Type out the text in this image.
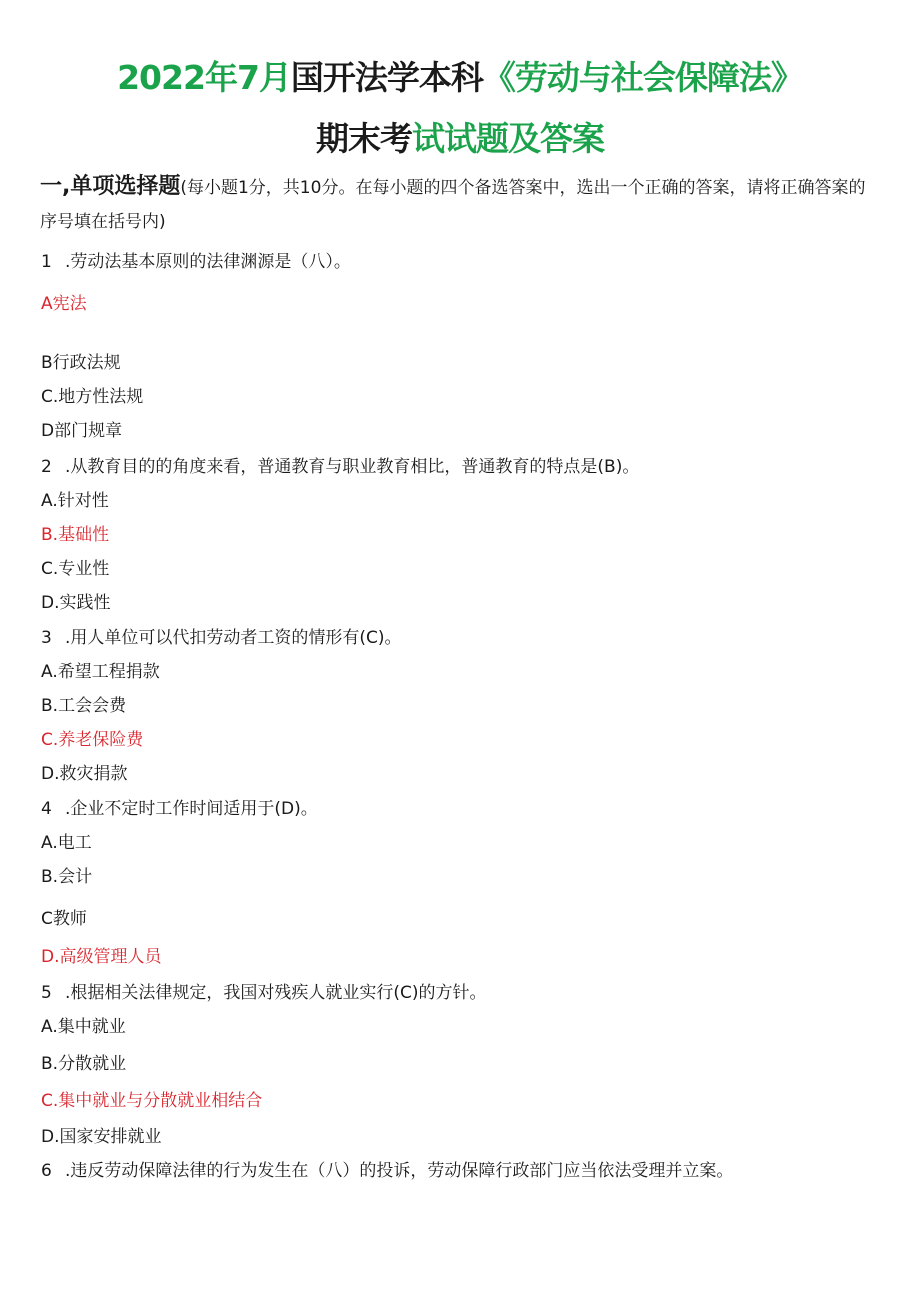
2022年7月国开法学本科《劳动与社会保障法》
期末考试试题及答案
一,单项选择题(每小题1分，共10分。在每小题的四个备选答案中，选出一个正确的答案，请将正确答案的序号填在括号内)
1 .劳动法基本原则的法律渊源是（八）。
A宪法
B行政法规
C.地方性法规
D部门规章
2 .从教育目的的角度来看，普通教育与职业教育相比，普通教育的特点是(B)。
A.针对性
B.基础性
C.专业性
D.实践性
3 .用人单位可以代扣劳动者工资的情形有(C)。
A.希望工程捐款
B.工会会费
C.养老保险费
D.救灾捐款
4 .企业不定时工作时间适用于(D)。
A.电工
B.会计
C教师
D.高级管理人员
5 .根据相关法律规定，我国对残疾人就业实行(C)的方针。
A.集中就业
B.分散就业
C.集中就业与分散就业相结合
D.国家安排就业
6 .违反劳动保障法律的行为发生在（八）的投诉，劳动保障行政部门应当依法受理并立案。
